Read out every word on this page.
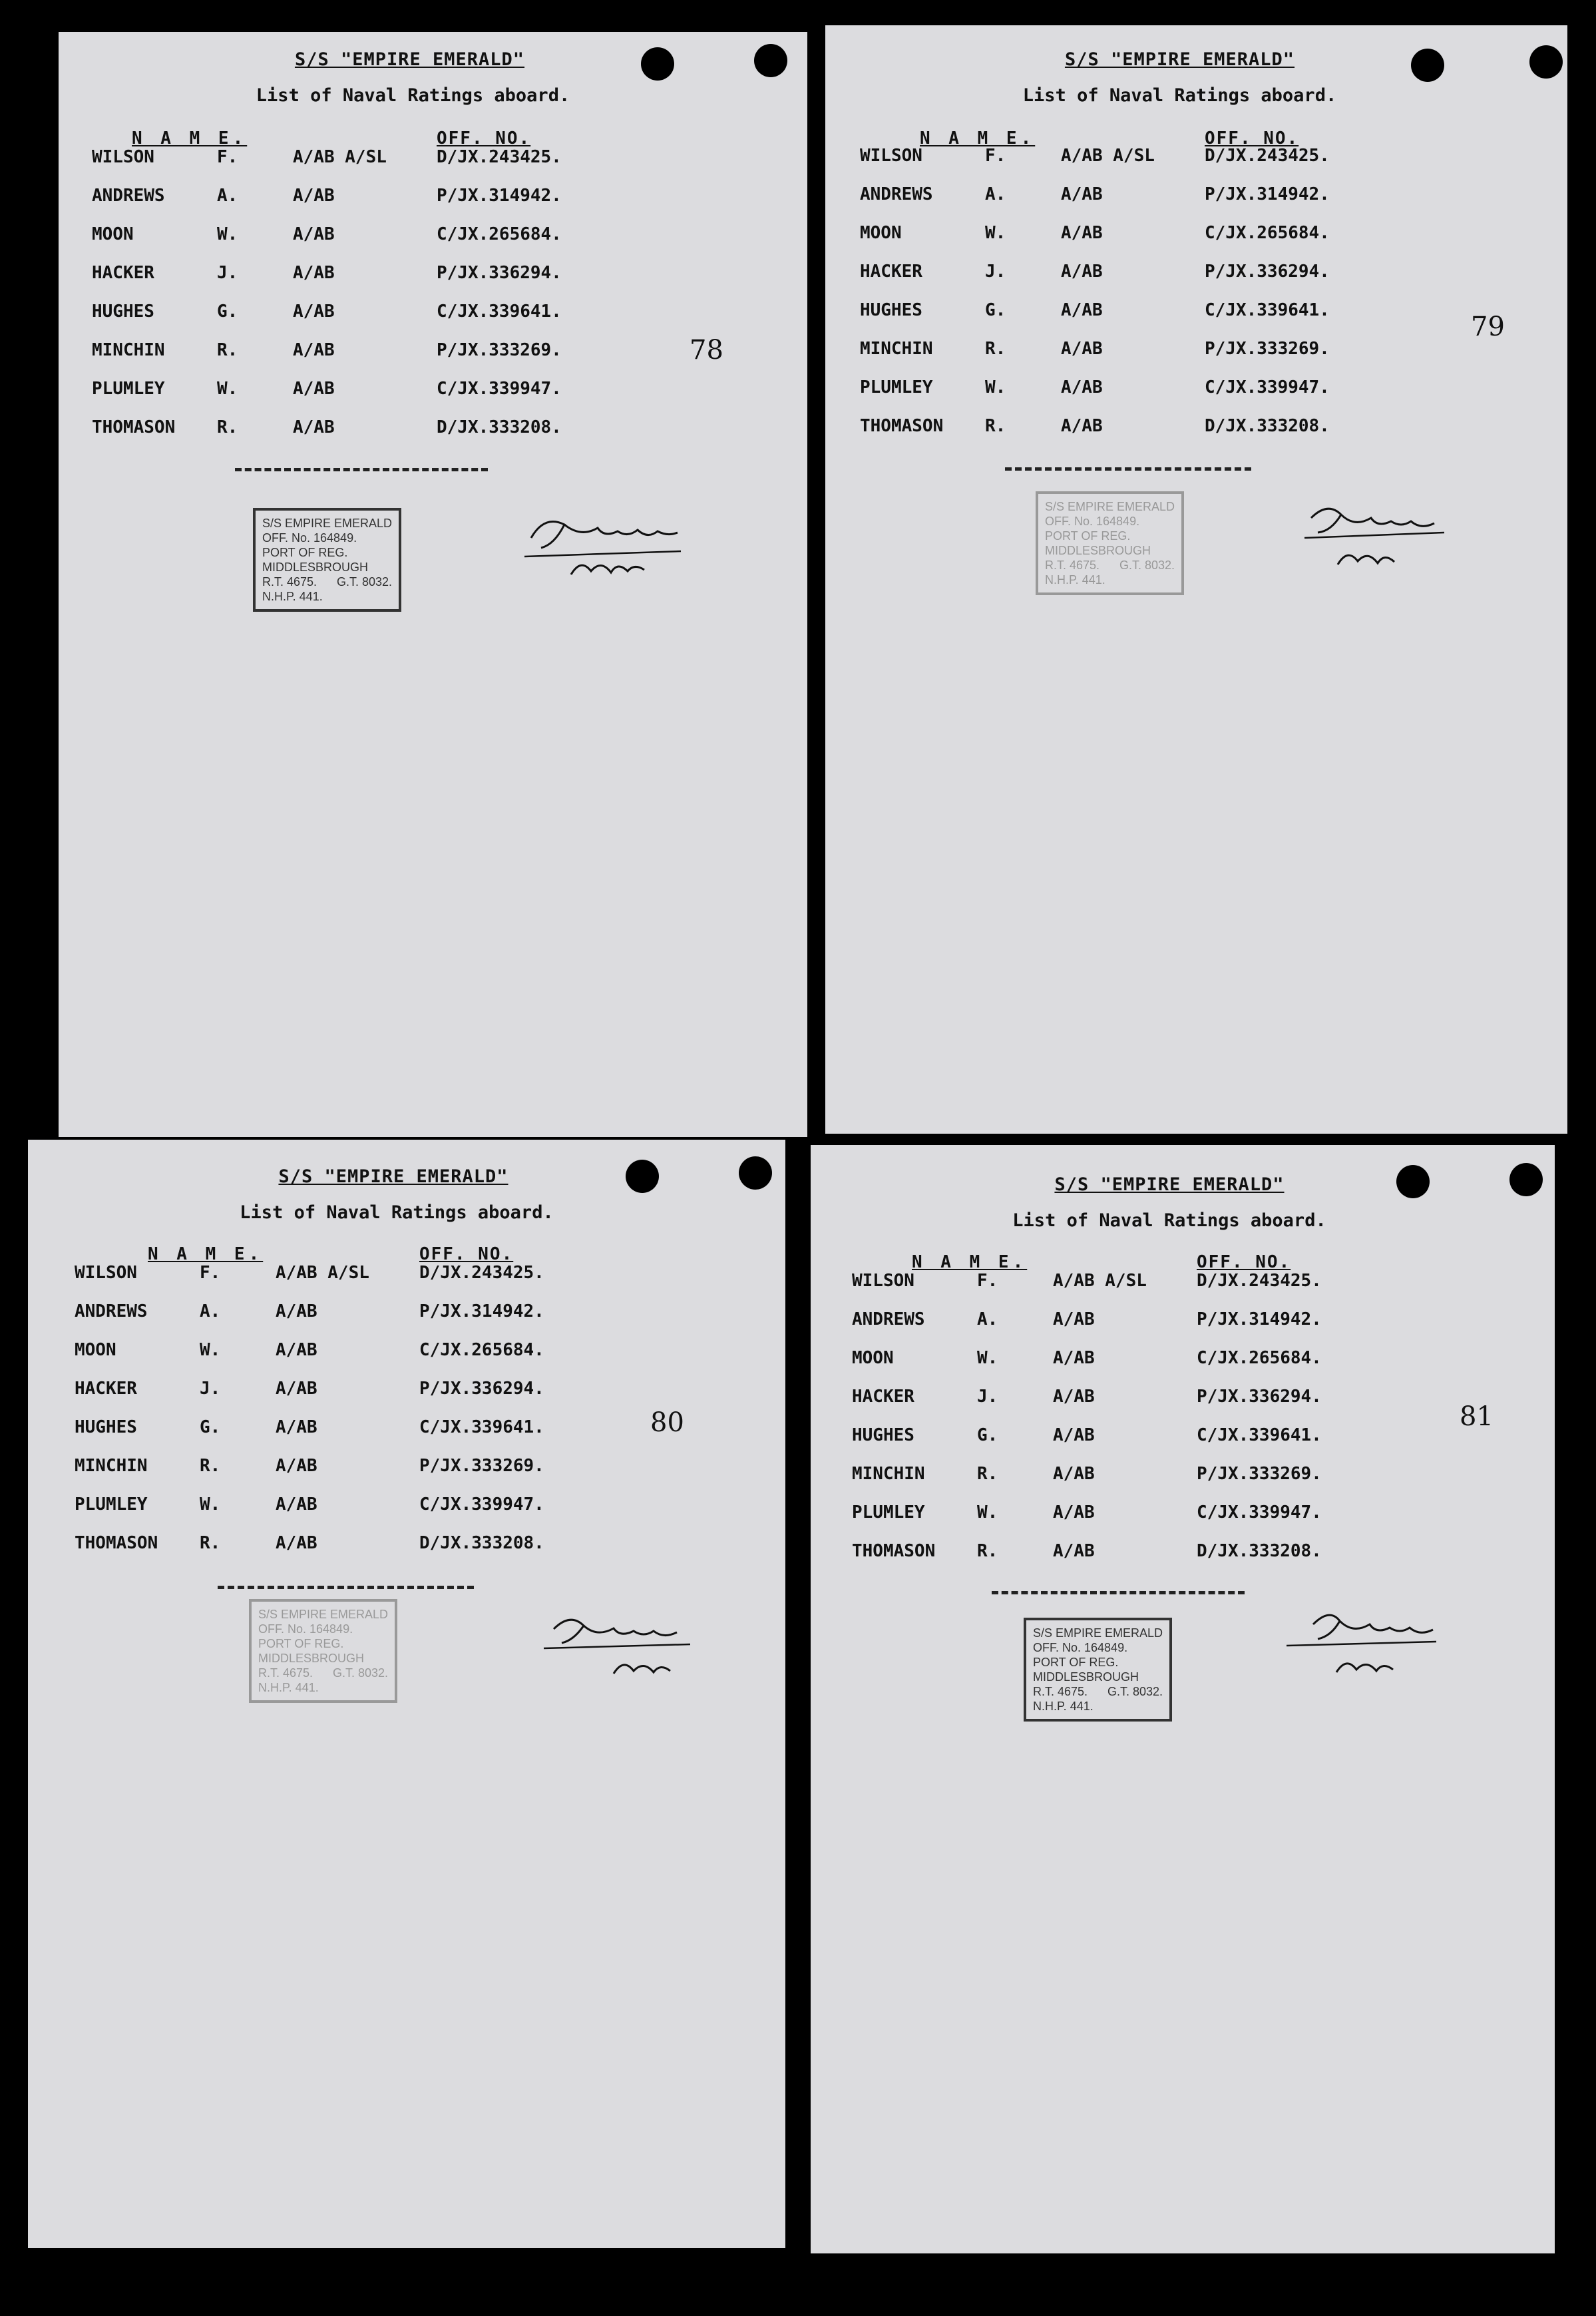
S/S "EMPIRE EMERALD"
List of Naval Ratings aboard.
N A M E.	OFF. NO.
WILSON	F.	A/AB A/SL	D/JX.243425.
ANDREWS	A.	A/AB	P/JX.314942.
MOON	W.	A/AB	C/JX.265684.
HACKER	J.	A/AB	P/JX.336294.
HUGHES	G.	A/AB	C/JX.339641.
MINCHIN	R.	A/AB	P/JX.333269.
PLUMLEY	W.	A/AB	C/JX.339947.
THOMASON R.	A/AB	D/JX.333208.
78
S/S EMPIRE EMERALD
OFF. No. 164849.
PORT OF REG.
MIDDLESBROUGH
R.T. 4675. G.T. 8032.
N.H.P. 441.
S/S "EMPIRE EMERALD"
List of Naval Ratings aboard.
N A M E.	OFF. NO.
WILSON	F.	A/AB A/SL	D/JX.243425.
ANDREWS	A.	A/AB	P/JX.314942.
MOON	W.	A/AB	C/JX.265684.
HACKER	J.	A/AB	P/JX.336294.
HUGHES	G.	A/AB	C/JX.339641.
MINCHIN	R.	A/AB	P/JX.333269.
PLUMLEY	W.	A/AB	C/JX.339947.
THOMASON R.	A/AB	D/JX.333208.
79
S/S EMPIRE EMERALD
OFF. No. 164849.
PORT OF REG.
MIDDLESBROUGH
R.T. 4675. G.T. 8032.
N.H.P. 441.
S/S "EMPIRE EMERALD"
List of Naval Ratings aboard.
N A M E.	OFF. NO.
WILSON	F.	A/AB A/SL	D/JX.243425.
ANDREWS	A.	A/AB	P/JX.314942.
MOON	W.	A/AB	C/JX.265684.
HACKER	J.	A/AB	P/JX.336294.
HUGHES	G.	A/AB	C/JX.339641.
MINCHIN	R.	A/AB	P/JX.333269.
PLUMLEY	W.	A/AB	C/JX.339947.
THOMASON R.	A/AB	D/JX.333208.
80
S/S EMPIRE EMERALD
OFF. No. 164849.
PORT OF REG.
MIDDLESBROUGH
R.T. 4675. G.T. 8032.
N.H.P. 441.
S/S "EMPIRE EMERALD"
List of Naval Ratings aboard.
N A M E.	OFF. NO.
WILSON	F.	A/AB A/SL	D/JX.243425.
ANDREWS	A.	A/AB	P/JX.314942.
MOON	W.	A/AB	C/JX.265684.
HACKER	J.	A/AB	P/JX.336294.
HUGHES	G.	A/AB	C/JX.339641.
MINCHIN	R.	A/AB	P/JX.333269.
PLUMLEY	W.	A/AB	C/JX.339947.
THOMASON R.	A/AB	D/JX.333208.
81
S/S EMPIRE EMERALD
OFF. No. 164849.
PORT OF REG.
MIDDLESBROUGH
R.T. 4675. G.T. 8032.
N.H.P. 441.
